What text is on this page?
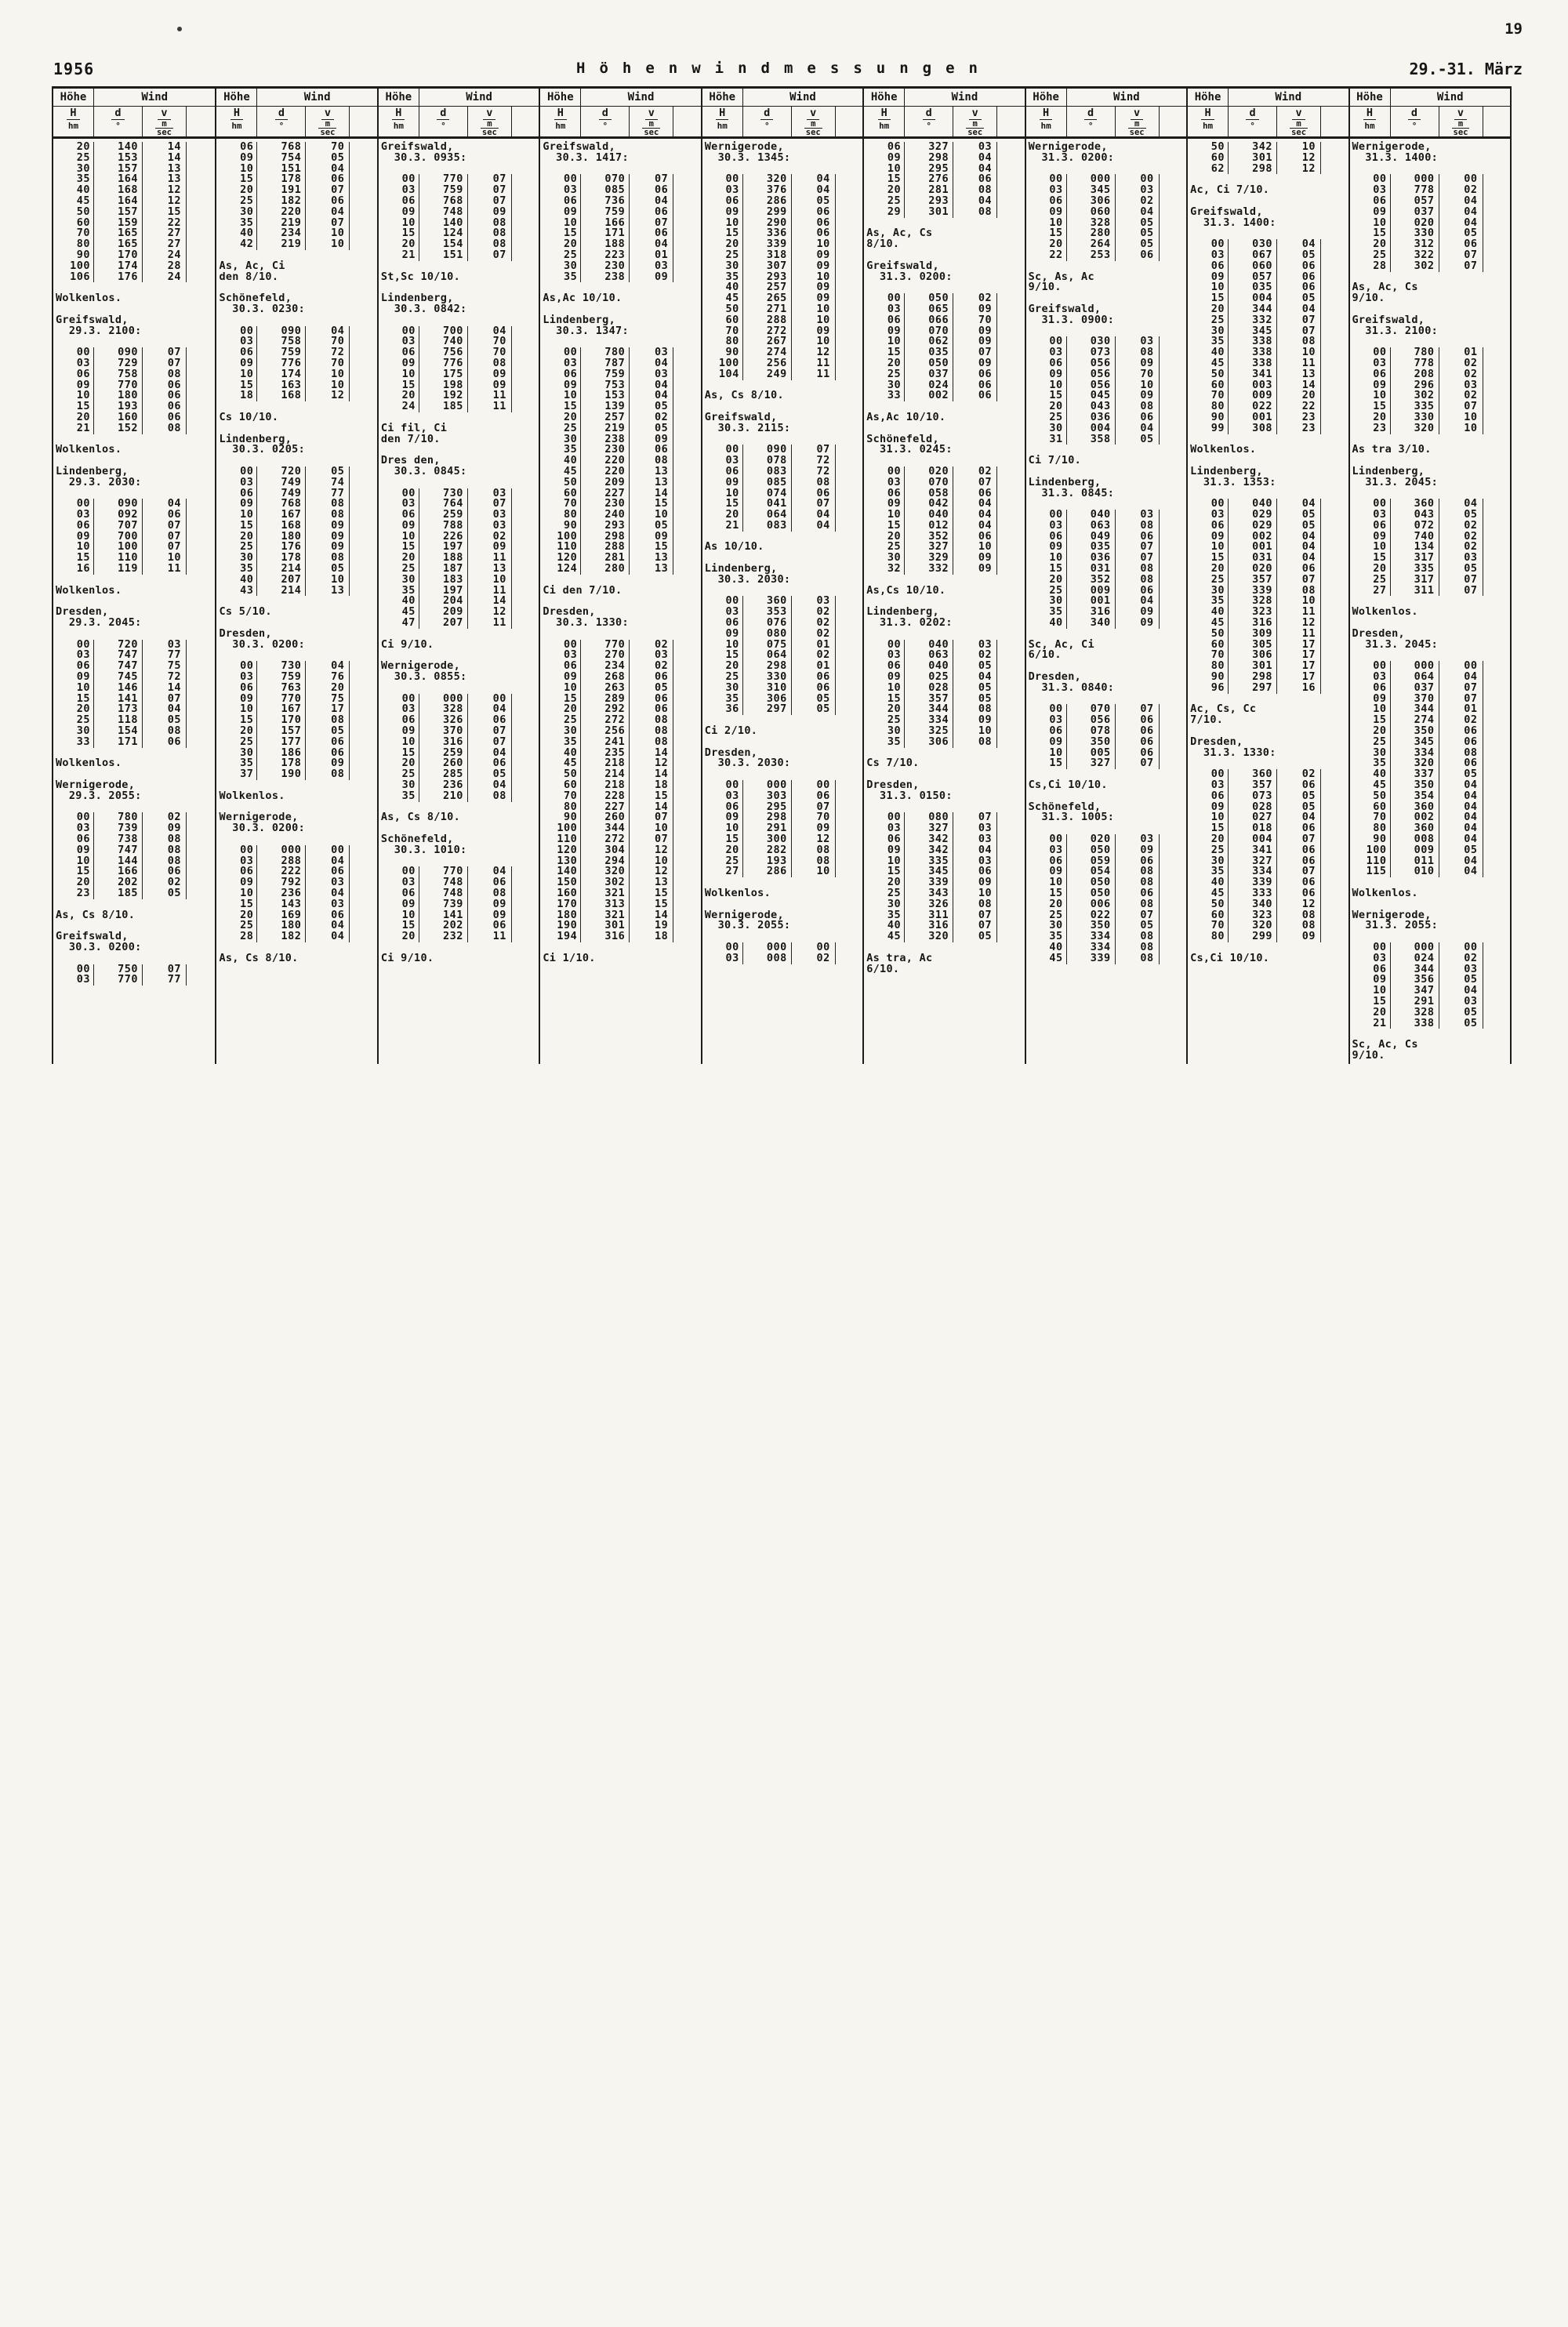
19
1956	Höhenwindmessungen	29.-31. März
Höhe	Wind
H
hm
d
°
v
$\frac{m}{\sec}$
20	140	14
25	153	14
30	157	13
35	164	13
40	168	12
45	164	12
50	157	15
60	159	22
70	165	27
80	165	27
90	170	24
100	174	28
106	176	24
Wolkenlos.
Greifswald,
29.3. 2100:
00	090	07
03	729	07
06	758	08
09	770	06
10	180	06
15	193	06
20	160	06
21	152	08
Wolkenlos.
Lindenberg,
29.3. 2030:
00	090	04
03	092	06
06	707	07
09	700	07
10	100	07
15	110	10
16	119	11
Wolkenlos.
Dresden,
29.3. 2045:
00	720	03
03	747	77
06	747	75
09	745	72
10	146	14
15	141	07
20	173	04
25	118	05
30	154	08
33	171	06
Wolkenlos.
Wernigerode,
29.3. 2055:
00	780	02
03	739	09
06	738	08
09	747	08
10	144	08
15	166	06
20	202	02
23	185	05
As, Cs 8/10.
Greifswald,
30.3. 0200:
00	750	07
03	770	77
Höhe	Wind
H
hm
d
°
v
$\frac{m}{\sec}$
06	768	70
09	754	05
10	151	04
15	178	06
20	191	07
25	182	06
30	220	04
35	219	07
40	234	10
42	219	10
As, Ac, Ci
den 8/10.
Schönefeld,
30.3. 0230:
00	090	04
03	758	70
06	759	72
09	776	70
10	174	10
15	163	10
18	168	12
Cs 10/10.
Lindenberg,
30.3. 0205:
00	720	05
03	749	74
06	749	77
09	768	08
10	167	08
15	168	09
20	180	09
25	176	09
30	178	08
35	214	05
40	207	10
43	214	13
Cs 5/10.
Dresden,
30.3. 0200:
00	730	04
03	759	76
06	763	20
09	770	75
10	167	17
15	170	08
20	157	05
25	177	06
30	186	06
35	178	09
37	190	08
Wolkenlos.
Wernigerode,
30.3. 0200:
00	000	00
03	288	04
06	222	06
09	792	03
10	236	04
15	143	03
20	169	06
25	180	04
28	182	04
As, Cs 8/10.
Höhe	Wind
H
hm
d
°
v
$\frac{m}{\sec}$
Greifswald,
30.3. 0935:
00	770	07
03	759	07
06	768	07
09	748	09
10	140	08
15	124	08
20	154	08
21	151	07
St,Sc 10/10.
Lindenberg,
30.3. 0842:
00	700	04
03	740	70
06	756	70
09	776	08
10	175	09
15	198	09
20	192	11
24	185	11
Ci fil, Ci
den 7/10.
Dres den,
30.3. 0845:
00	730	03
03	764	07
06	259	03
09	788	03
10	226	02
15	197	09
20	188	11
25	187	13
30	183	10
35	197	11
40	204	14
45	209	12
47	207	11
Ci 9/10.
Wernigerode,
30.3. 0855:
00	000	00
03	328	04
06	326	06
09	370	07
10	316	07
15	259	04
20	260	06
25	285	05
30	236	04
35	210	08
As, Cs 8/10.
Schönefeld,
30.3. 1010:
00	770	04
03	748	06
06	748	08
09	739	09
10	141	09
15	202	06
20	232	11
Ci 9/10.
Höhe	Wind
H
hm
d
°
v
$\frac{m}{\sec}$
Greifswald,
30.3. 1417:
00	070	07
03	085	06
06	736	04
09	759	06
10	166	07
15	171	06
20	188	04
25	223	01
30	230	03
35	238	09
As,Ac 10/10.
Lindenberg,
30.3. 1347:
00	780	03
03	787	04
06	759	03
09	753	04
10	153	04
15	139	05
20	257	02
25	219	05
30	238	09
35	230	06
40	220	08
45	220	13
50	209	13
60	227	14
70	230	15
80	240	10
90	293	05
100	298	09
110	288	15
120	281	13
124	280	13
Ci den 7/10.
Dresden,
30.3. 1330:
00	770	02
03	270	03
06	234	02
09	268	06
10	263	05
15	289	06
20	292	06
25	272	08
30	256	08
35	241	08
40	235	14
45	218	12
50	214	14
60	218	18
70	228	15
80	227	14
90	260	07
100	344	10
110	272	07
120	304	12
130	294	10
140	320	12
150	302	13
160	321	15
170	313	15
180	321	14
190	301	19
194	316	18
Ci 1/10.
Höhe	Wind
H
hm
d
°
v
$\frac{m}{\sec}$
Wernigerode,
30.3. 1345:
00	320	04
03	376	04
06	286	05
09	299	06
10	290	06
15	336	06
20	339	10
25	318	09
30	307	09
35	293	10
40	257	09
45	265	09
50	271	10
60	288	10
70	272	09
80	267	10
90	274	12
100	256	11
104	249	11
As, Cs 8/10.
Greifswald,
30.3. 2115:
00	090	07
03	078	72
06	083	72
09	085	08
10	074	06
15	041	07
20	064	04
21	083	04
As 10/10.
Lindenberg,
30.3. 2030:
00	360	03
03	353	02
06	076	02
09	080	02
10	075	01
15	064	02
20	298	01
25	330	06
30	310	06
35	306	05
36	297	05
Ci 2/10.
Dresden,
30.3. 2030:
00	000	00
03	303	06
06	295	07
09	298	70
10	291	09
15	300	12
20	282	08
25	193	08
27	286	10
Wolkenlos.
Wernigerode,
30.3. 2055:
00	000	00
03	008	02
Höhe	Wind
H
hm
d
°
v
$\frac{m}{\sec}$
06	327	03
09	298	04
10	295	04
15	276	06
20	281	08
25	293	04
29	301	08
As, Ac, Cs
8/10.
Greifswald,
31.3. 0200:
00	050	02
03	065	09
06	066	70
09	070	09
10	062	09
15	035	07
20	050	09
25	037	06
30	024	06
33	002	06
As,Ac 10/10.
Schönefeld,
31.3. 0245:
00	020	02
03	070	07
06	058	06
09	042	04
10	040	04
15	012	04
20	352	06
25	327	10
30	329	09
32	332	09
As,Cs 10/10.
Lindenberg,
31.3. 0202:
00	040	03
03	063	02
06	040	05
09	025	04
10	028	05
15	357	05
20	344	08
25	334	09
30	325	10
35	306	08
Cs 7/10.
Dresden,
31.3. 0150:
00	080	07
03	327	03
06	342	03
09	342	04
10	335	03
15	345	06
20	339	09
25	343	10
30	326	08
35	311	07
40	316	07
45	320	05
As tra, Ac
6/10.
Höhe	Wind
H
hm
d
°
v
$\frac{m}{\sec}$
Wernigerode,
31.3. 0200:
00	000	00
03	345	03
06	306	02
09	060	04
10	328	05
15	280	05
20	264	05
22	253	06
Sc, As, Ac
9/10.
Greifswald,
31.3. 0900:
00	030	03
03	073	08
06	056	09
09	056	70
10	056	10
15	045	09
20	043	08
25	036	06
30	004	04
31	358	05
Ci 7/10.
Lindenberg,
31.3. 0845:
00	040	03
03	063	08
06	049	06
09	035	07
10	036	07
15	031	08
20	352	08
25	009	06
30	001	04
35	316	09
40	340	09
Sc, Ac, Ci
6/10.
Dresden,
31.3. 0840:
00	070	07
03	056	06
06	078	06
09	350	06
10	005	06
15	327	07
Cs,Ci 10/10.
Schönefeld,
31.3. 1005:
00	020	03
03	050	09
06	059	06
09	054	08
10	050	08
15	050	06
20	006	08
25	022	07
30	350	05
35	334	08
40	334	08
45	339	08
Höhe	Wind
H
hm
d
°
v
$\frac{m}{\sec}$
50	342	10
60	301	12
62	298	12
Ac, Ci 7/10.
Greifswald,
31.3. 1400:
00	030	04
03	067	05
06	060	06
09	057	06
10	035	06
15	004	05
20	344	04
25	332	07
30	345	07
35	338	08
40	338	10
45	338	11
50	341	13
60	003	14
70	009	20
80	022	22
90	001	23
99	308	23
Wolkenlos.
Lindenberg,
31.3. 1353:
00	040	04
03	029	05
06	029	05
09	002	04
10	001	04
15	031	04
20	020	06
25	357	07
30	339	08
35	328	10
40	323	11
45	316	12
50	309	11
60	305	17
70	306	17
80	301	17
90	298	17
96	297	16
Ac, Cs, Cc
7/10.
Dresden,
31.3. 1330:
00	360	02
03	357	06
06	073	05
09	028	05
10	027	04
15	018	06
20	004	07
25	341	06
30	327	06
35	334	07
40	339	06
45	333	06
50	340	12
60	323	08
70	320	08
80	299	09
Cs,Ci 10/10.
Höhe	Wind
H
hm
d
°
v
$\frac{m}{\sec}$
Wernigerode,
31.3. 1400:
00	000	00
03	778	02
06	057	04
09	037	04
10	020	04
15	330	05
20	312	06
25	322	07
28	302	07
As, Ac, Cs
9/10.
Greifswald,
31.3. 2100:
00	780	01
03	778	02
06	208	02
09	296	03
10	302	02
15	335	07
20	330	10
23	320	10
As tra 3/10.
Lindenberg,
31.3. 2045:
00	360	04
03	043	05
06	072	02
09	740	02
10	134	02
15	317	03
20	335	05
25	317	07
27	311	07
Wolkenlos.
Dresden,
31.3. 2045:
00	000	00
03	064	04
06	037	07
09	370	07
10	344	01
15	274	02
20	350	06
25	345	06
30	334	08
35	320	06
40	337	05
45	350	04
50	354	04
60	360	04
70	002	04
80	360	04
90	008	04
100	009	05
110	011	04
115	010	04
Wolkenlos.
Wernigerode,
31.3. 2055:
00	000	00
03	024	02
06	344	03
09	356	05
10	347	04
15	291	03
20	328	05
21	338	05
Sc, Ac, Cs
9/10.
